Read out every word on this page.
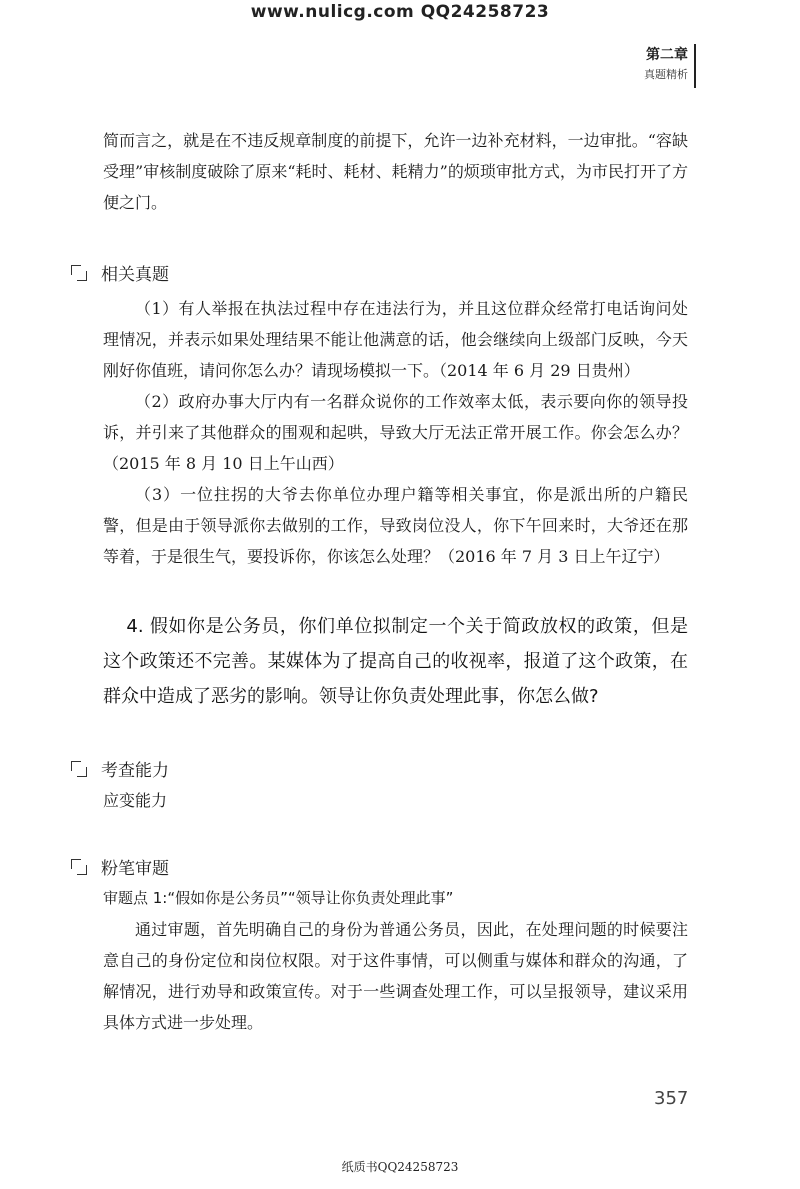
www.nulicg.com QQ24258723
第二章
真题精析

简而言之，就是在不违反规章制度的前提下，允许一边补充材料，一边审批。“容缺受理”审核制度破除了原来“耗时、耗材、耗精力”的烦琐审批方式，为市民打开了方便之门。

相关真题

（1）有人举报在执法过程中存在违法行为，并且这位群众经常打电话询问处理情况，并表示如果处理结果不能让他满意的话，他会继续向上级部门反映，今天刚好你值班，请问你怎么办？请现场模拟一下。（2014 年 6 月 29 日贵州）

（2）政府办事大厅内有一名群众说你的工作效率太低，表示要向你的领导投诉，并引来了其他群众的围观和起哄，导致大厅无法正常开展工作。你会怎么办？（2015 年 8 月 10 日上午山西）

（3）一位拄拐的大爷去你单位办理户籍等相关事宜，你是派出所的户籍民警，但是由于领导派你去做别的工作，导致岗位没人，你下午回来时，大爷还在那等着，于是很生气，要投诉你，你该怎么处理？（2016 年 7 月 3 日上午辽宁）

4. 假如你是公务员，你们单位拟制定一个关于简政放权的政策，但是这个政策还不完善。某媒体为了提高自己的收视率，报道了这个政策，在群众中造成了恶劣的影响。领导让你负责处理此事，你怎么做?

考查能力

应变能力

粉笔审题

审题点 1:“假如你是公务员”“领导让你负责处理此事”

通过审题，首先明确自己的身份为普通公务员，因此，在处理问题的时候要注意自己的身份定位和岗位权限。对于这件事情，可以侧重与媒体和群众的沟通，了解情况，进行劝导和政策宣传。对于一些调查处理工作，可以呈报领导，建议采用具体方式进一步处理。

357
纸质书QQ24258723
